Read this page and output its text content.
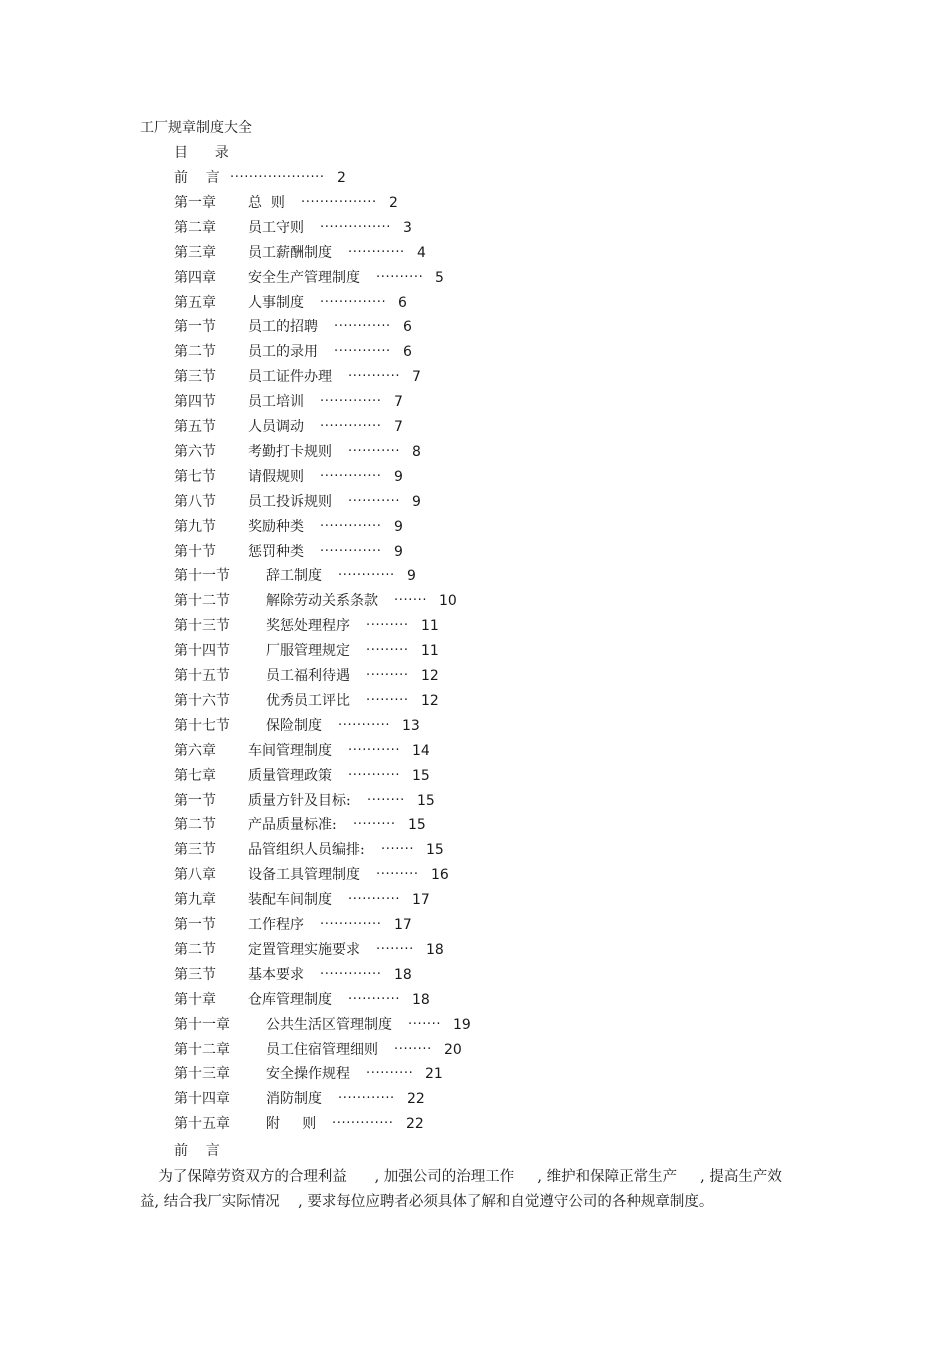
工厂规章制度大全
目      录
前    言 ···················· 2
第一章 总  则 ················ 2
第二章 员工守则 ··············· 3
第三章 员工薪酬制度 ············ 4
第四章 安全生产管理制度 ·········· 5
第五章 人事制度 ·············· 6
第一节 员工的招聘 ············ 6
第二节 员工的录用 ············ 6
第三节 员工证件办理 ··········· 7
第四节 员工培训 ············· 7
第五节 人员调动 ············· 7
第六节 考勤打卡规则 ··········· 8
第七节 请假规则 ············· 9
第八节 员工投诉规则 ··········· 9
第九节 奖励种类 ············· 9
第十节 惩罚种类 ············· 9
第十一节	辞工制度 ············ 9
第十二节	解除劳动关系条款 ······· 10
第十三节	奖惩处理程序 ········· 11
第十四节	厂服管理规定 ········· 11
第十五节	员工福利待遇 ········· 12
第十六节	优秀员工评比 ········· 12
第十七节	保险制度 ··········· 13
第六章 车间管理制度 ··········· 14
第七章 质量管理政策 ··········· 15
第一节 质量方针及目标: ········ 15
第二节 产品质量标准: ········· 15
第三节 品管组织人员编排: ······· 15
第八章 设备工具管理制度 ········· 16
第九章 装配车间制度 ··········· 17
第一节 工作程序 ············· 17
第二节 定置管理实施要求 ········ 18
第三节 基本要求 ············· 18
第十章 仓库管理制度 ··········· 18
第十一章	公共生活区管理制度 ······· 19
第十二章	员工住宿管理细则 ········ 20
第十三章	安全操作规程 ·········· 21
第十四章	消防制度 ············ 22
第十五章	附     则 ············· 22
前    言
为了保障劳资双方的合理利益      , 加强公司的治理工作     , 维护和保障正常生产     , 提高生产效
益, 结合我厂实际情况    , 要求每位应聘者必须具体了解和自觉遵守公司的各种规章制度。
